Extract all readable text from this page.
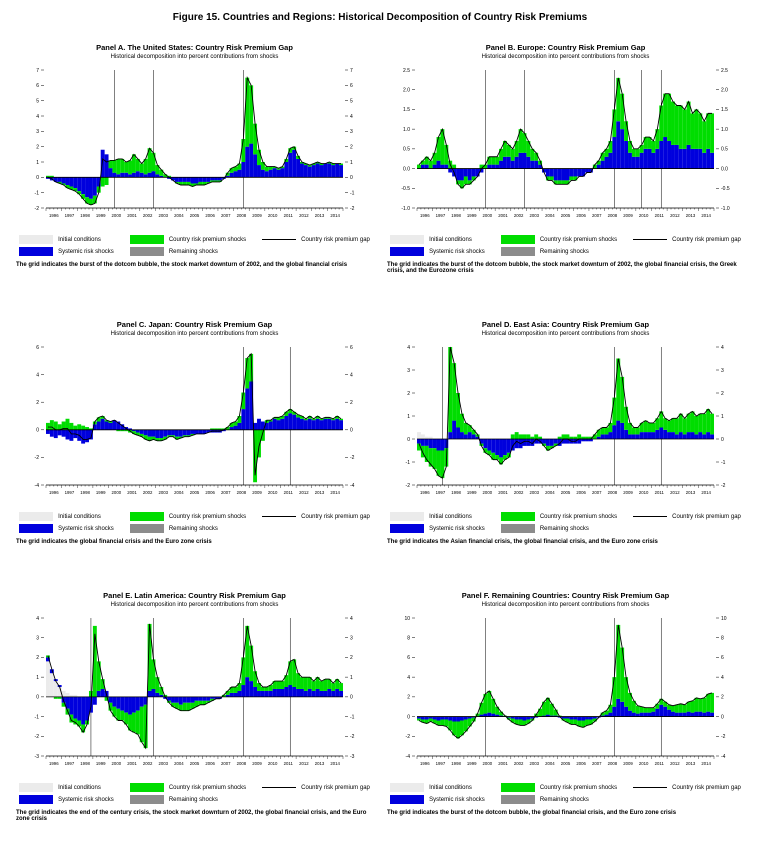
Figure 15. Countries and Regions: Historical Decomposition of Country Risk Premiums
Panel A. The United States: Country Risk Premium Gap
Historical decomposition into percent contributions from shocks
1996 1997 1998 1999 2000 2001 2002 2003 2004 2005 2006 2007 2008 2009 2010 2011 2012 2013 2014
-2	-2
-1	-1
0	0
1	1
2	2
3	3
4	4
5	5
6	6
7	7
Initial conditions	Country risk premium shocks	Country risk premium gap
Systemic risk shocks	Remaining shocks
The grid indicates the burst of the dotcom bubble, the stock market downturn of 2002, and the global financial crisis
Panel B. Europe: Country Risk Premium Gap
Historical decomposition into percent contributions from shocks
1996 1997 1998 1999 2000 2001 2002 2003 2004 2005 2006 2007 2008 2009 2010 2011 2012 2013 2014
-1.0	-1.0
-0.5	-0.5
0.0	0.0
0.5	0.5
1.0	1.0
1.5	1.5
2.0	2.0
2.5	2.5
Initial conditions	Country risk premium shocks	Country risk premium gap
Systemic risk shocks	Remaining shocks
The grid indicates the burst of the dotcom bubble, the stock market downturn of 2002, the global financial crisis, the Greek crisis, and the Eurozone crisis
Panel C. Japan: Country Risk Premium Gap
Historical decomposition into percent contributions from shocks
1996 1997 1998 1999 2000 2001 2002 2003 2004 2005 2006 2007 2008 2009 2010 2011 2012 2013 2014
-4	-4
-2	-2
0	0
2	2
4	4
6	6
Initial conditions	Country risk premium shocks	Country risk premium gap
Systemic risk shocks	Remaining shocks
The grid indicates the global financial crisis and the Euro zone crisis
Panel D. East Asia: Country Risk Premium Gap
Historical decomposition into percent contributions from shocks
1996 1997 1998 1999 2000 2001 2002 2003 2004 2005 2006 2007 2008 2009 2010 2011 2012 2013 2014
-2	-2
-1	-1
0	0
1	1
2	2
3	3
4	4
Initial conditions	Country risk premium shocks	Country risk premium gap
Systemic risk shocks	Remaining shocks
The grid indicates the Asian financial crisis, the global financial crisis, and the Euro zone crisis
Panel E. Latin America: Country Risk Premium Gap
Historical decomposition into percent contributions from shocks
1996 1997 1998 1999 2000 2001 2002 2003 2004 2005 2006 2007 2008 2009 2010 2011 2012 2013 2014
-3	-3
-2	-2
-1	-1
0	0
1	1
2	2
3	3
4	4
Initial conditions	Country risk premium shocks	Country risk premium gap
Systemic risk shocks	Remaining shocks
The grid indicates the end of the century crisis, the stock market downturn of 2002, the global financial crisis, and the Euro zone crisis
Panel F. Remaining Countries: Country Risk Premium Gap
Historical decomposition into percent contributions from shocks
1996 1997 1998 1999 2000 2001 2002 2003 2004 2005 2006 2007 2008 2009 2010 2011 2012 2013 2014
-4	-4
-2	-2
0	0
2	2
4	4
6	6
8	8
10	10
Initial conditions	Country risk premium shocks	Country risk premium gap
Systemic risk shocks	Remaining shocks
The grid indicates the burst of the dotcom bubble, the global financial crisis, and the Euro zone crisis
